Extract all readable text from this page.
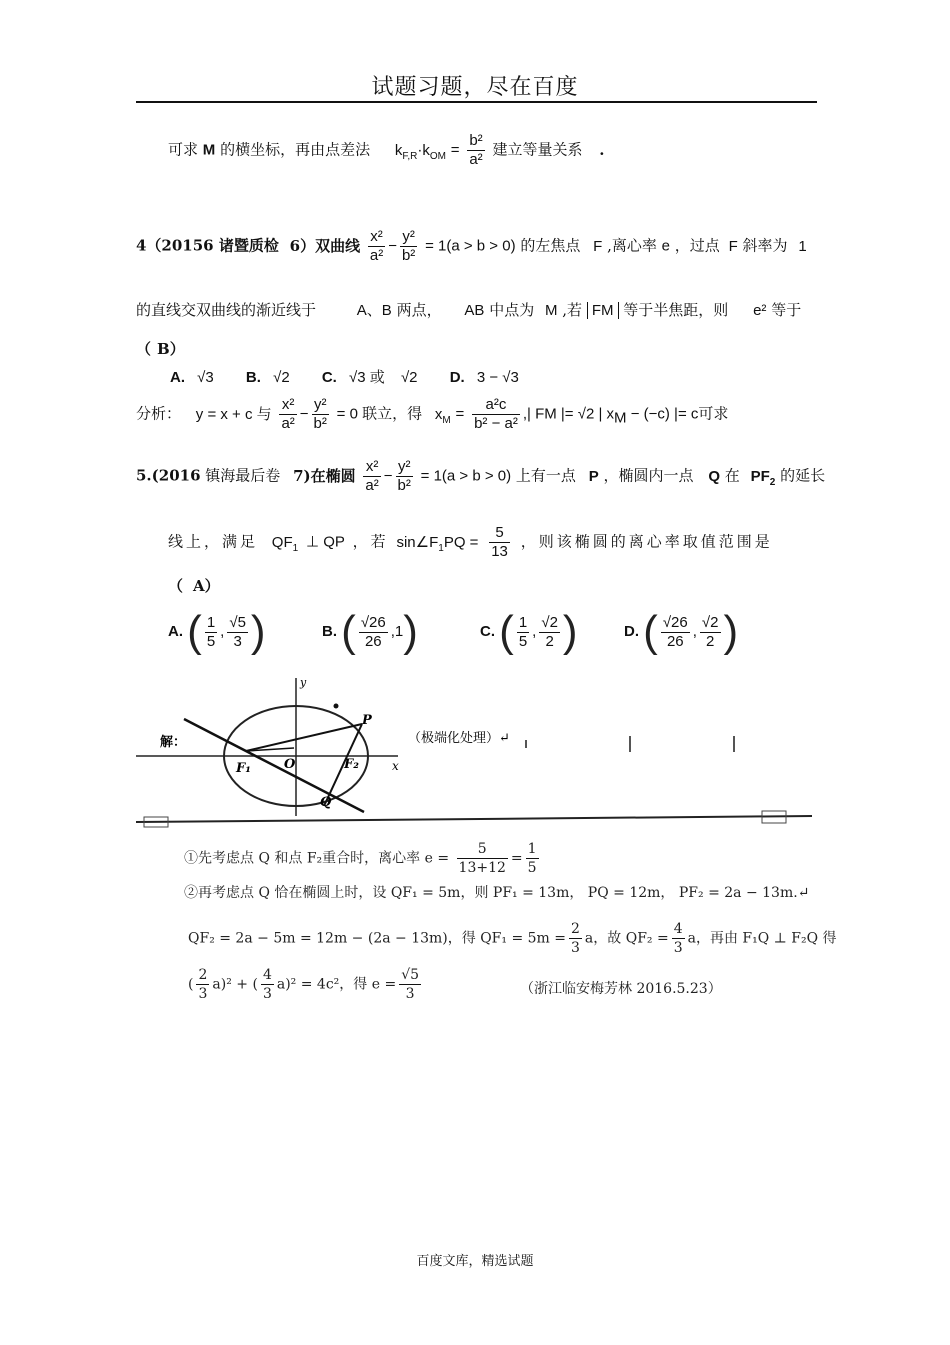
试题习题，尽在百度
可求 M 的横坐标，再由点差法 $k_{F,R}\cdot k_{OM} = \frac{\text{b²}}{\text{a²}}$ 建立等量关系 .
4（20156 诸暨质检 6）双曲线 $\frac{\text{x²}}{\text{a²}} - \frac{\text{y²}}{\text{b²}} = 1(a > b > 0)$ 的左焦点 F ,离心率 e ，过点 F 斜率为 1
的直线交双曲线的渐近线于	A、B 两点， AB 中点为 M ,若 FM 等于半焦距，则 e² 等于
（ B）
A. √3 B. √2 C. √3 或 √2 D. 3 − √3
分析： y = x + c 与 $\frac{\text{x²}}{\text{a²}} - \frac{\text{y²}}{\text{b²}} = 0$ 联立，得 $x_M = \frac{\text{a²c}}{\text{b² − a²}}$ ,| FM |= √2 | $x_M - (-c)$ |= c可求
5.(2016 镇海最后卷 7)在椭圆 $\frac{\text{x²}}{\text{a²}} - \frac{\text{y²}}{\text{b²}} = 1(a > b > 0)$ 上有一点 P ，椭圆内一点 Q 在 $PF_2$ 的延长
线上，满足 $QF_1$ ⊥ QP ，若 $\sin\angle F_1PQ = \frac{5}{13}$ ，则该椭圆的离心率取值范围是
（ A）
A. ( $\frac{1}{5}$ , $\frac{√5}{3}$ )	B. ( $\frac{√26}{26} ,1$)	C. ( $\frac{1}{5}$ , $\frac{√2}{2}$ )	D. ( $\frac{√26}{26}$ , $\frac{√2}{2}$ )
F₁	O	F₂	x
y
P
Q
解：	（极端化处理）↵
①先考虑点 Q 和点 F₂重合时，离心率 $e = \frac{5}{13+12} = \frac{1}{5}$
②再考虑点 Q 恰在椭圆上时，设 QF₁ = 5m，则 PF₁ = 13m， PQ = 12m， PF₂ = 2a − 13m.↵
QF₂ = 2a − 5m = 12m − (2a − 13m)，得 $QF_1 = 5m = \frac{2}{3}$ a，故 $QF_2 = \frac{4}{3}$ a，再由 F₁Q ⊥ F₂Q 得
( $\frac{2}{3} a)^2$ + ( $\frac{4}{3} a)^2 = 4c^2$，得 $e = \frac{√5}{3}$	（浙江临安梅芳林 2016.5.23）
百度文库，精选试题
